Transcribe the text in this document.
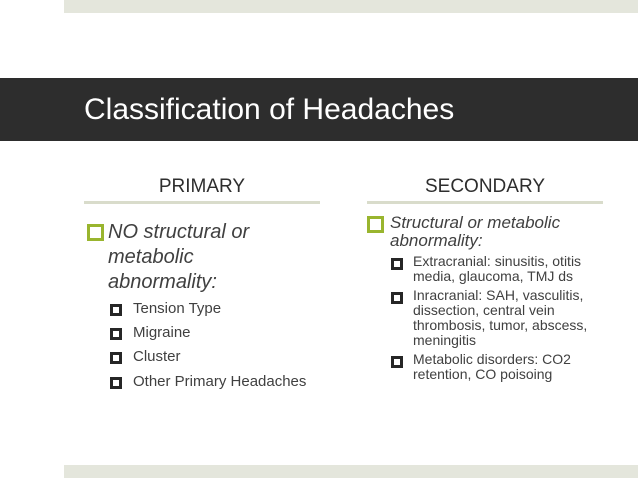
Classification of Headaches
PRIMARY
NO structural or metabolic abnormality:
Tension Type
Migraine
Cluster
Other Primary Headaches
SECONDARY
Structural or metabolic abnormality:
Extracranial: sinusitis, otitis media, glaucoma, TMJ ds
Inracranial: SAH, vasculitis, dissection, central vein thrombosis, tumor, abscess, meningitis
Metabolic disorders: CO2 retention, CO poisoing
